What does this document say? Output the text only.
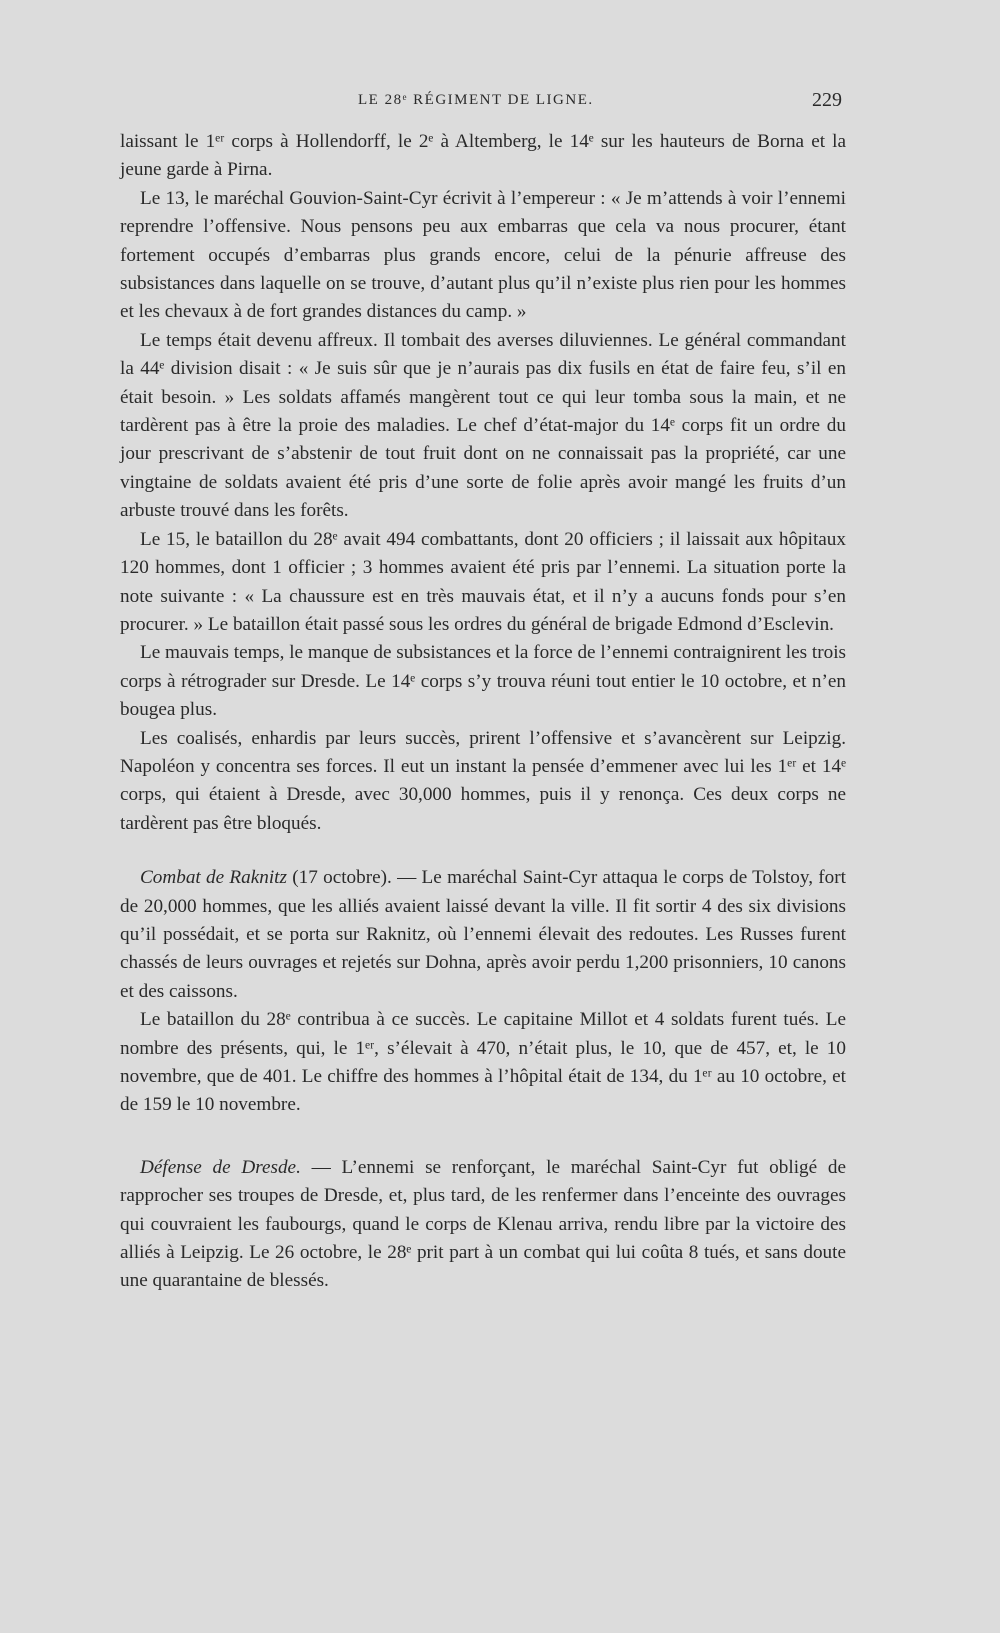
LE 28ᵉ RÉGIMENT DE LIGNE.	229

laissant le 1ᵉʳ corps à Hollendorff, le 2ᵉ à Altemberg, le 14ᵉ sur les hauteurs de Borna et la jeune garde à Pirna.

Le 13, le maréchal Gouvion-Saint-Cyr écrivit à l’empereur : « Je m’attends à voir l’ennemi reprendre l’offensive. Nous pensons peu aux embarras que cela va nous procurer, étant fortement occupés d’embarras plus grands encore, celui de la pénurie affreuse des subsistances dans laquelle on se trouve, d’autant plus qu’il n’existe plus rien pour les hommes et les chevaux à de fort grandes distances du camp. »

Le temps était devenu affreux. Il tombait des averses diluviennes. Le général commandant la 44ᵉ division disait : « Je suis sûr que je n’aurais pas dix fusils en état de faire feu, s’il en était besoin. » Les soldats affamés mangèrent tout ce qui leur tomba sous la main, et ne tardèrent pas à être la proie des maladies. Le chef d’état-major du 14ᵉ corps fit un ordre du jour prescrivant de s’abstenir de tout fruit dont on ne connaissait pas la propriété, car une vingtaine de soldats avaient été pris d’une sorte de folie après avoir mangé les fruits d’un arbuste trouvé dans les forêts.

Le 15, le bataillon du 28ᵉ avait 494 combattants, dont 20 officiers ; il laissait aux hôpitaux 120 hommes, dont 1 officier ; 3 hommes avaient été pris par l’ennemi. La situation porte la note suivante : « La chaussure est en très mauvais état, et il n’y a aucuns fonds pour s’en procurer. » Le bataillon était passé sous les ordres du général de brigade Edmond d’Esclevin.

Le mauvais temps, le manque de subsistances et la force de l’ennemi contraignirent les trois corps à rétrograder sur Dresde. Le 14ᵉ corps s’y trouva réuni tout entier le 10 octobre, et n’en bougea plus.

Les coalisés, enhardis par leurs succès, prirent l’offensive et s’avancèrent sur Leipzig. Napoléon y concentra ses forces. Il eut un instant la pensée d’emmener avec lui les 1ᵉʳ et 14ᵉ corps, qui étaient à Dresde, avec 30,000 hommes, puis il y renonça. Ces deux corps ne tardèrent pas être bloqués.

Combat de Raknitz (17 octobre). — Le maréchal Saint-Cyr attaqua le corps de Tolstoy, fort de 20,000 hommes, que les alliés avaient laissé devant la ville. Il fit sortir 4 des six divisions qu’il possédait, et se porta sur Raknitz, où l’ennemi élevait des redoutes. Les Russes furent chassés de leurs ouvrages et rejetés sur Dohna, après avoir perdu 1,200 prisonniers, 10 canons et des caissons.

Le bataillon du 28ᵉ contribua à ce succès. Le capitaine Millot et 4 soldats furent tués. Le nombre des présents, qui, le 1ᵉʳ, s’élevait à 470, n’était plus, le 10, que de 457, et, le 10 novembre, que de 401. Le chiffre des hommes à l’hôpital était de 134, du 1ᵉʳ au 10 octobre, et de 159 le 10 novembre.

Défense de Dresde. — L’ennemi se renforçant, le maréchal Saint-Cyr fut obligé de rapprocher ses troupes de Dresde, et, plus tard, de les renfermer dans l’enceinte des ouvrages qui couvraient les faubourgs, quand le corps de Klenau arriva, rendu libre par la victoire des alliés à Leipzig. Le 26 octobre, le 28ᵉ prit part à un combat qui lui coûta 8 tués, et sans doute une quarantaine de blessés.
